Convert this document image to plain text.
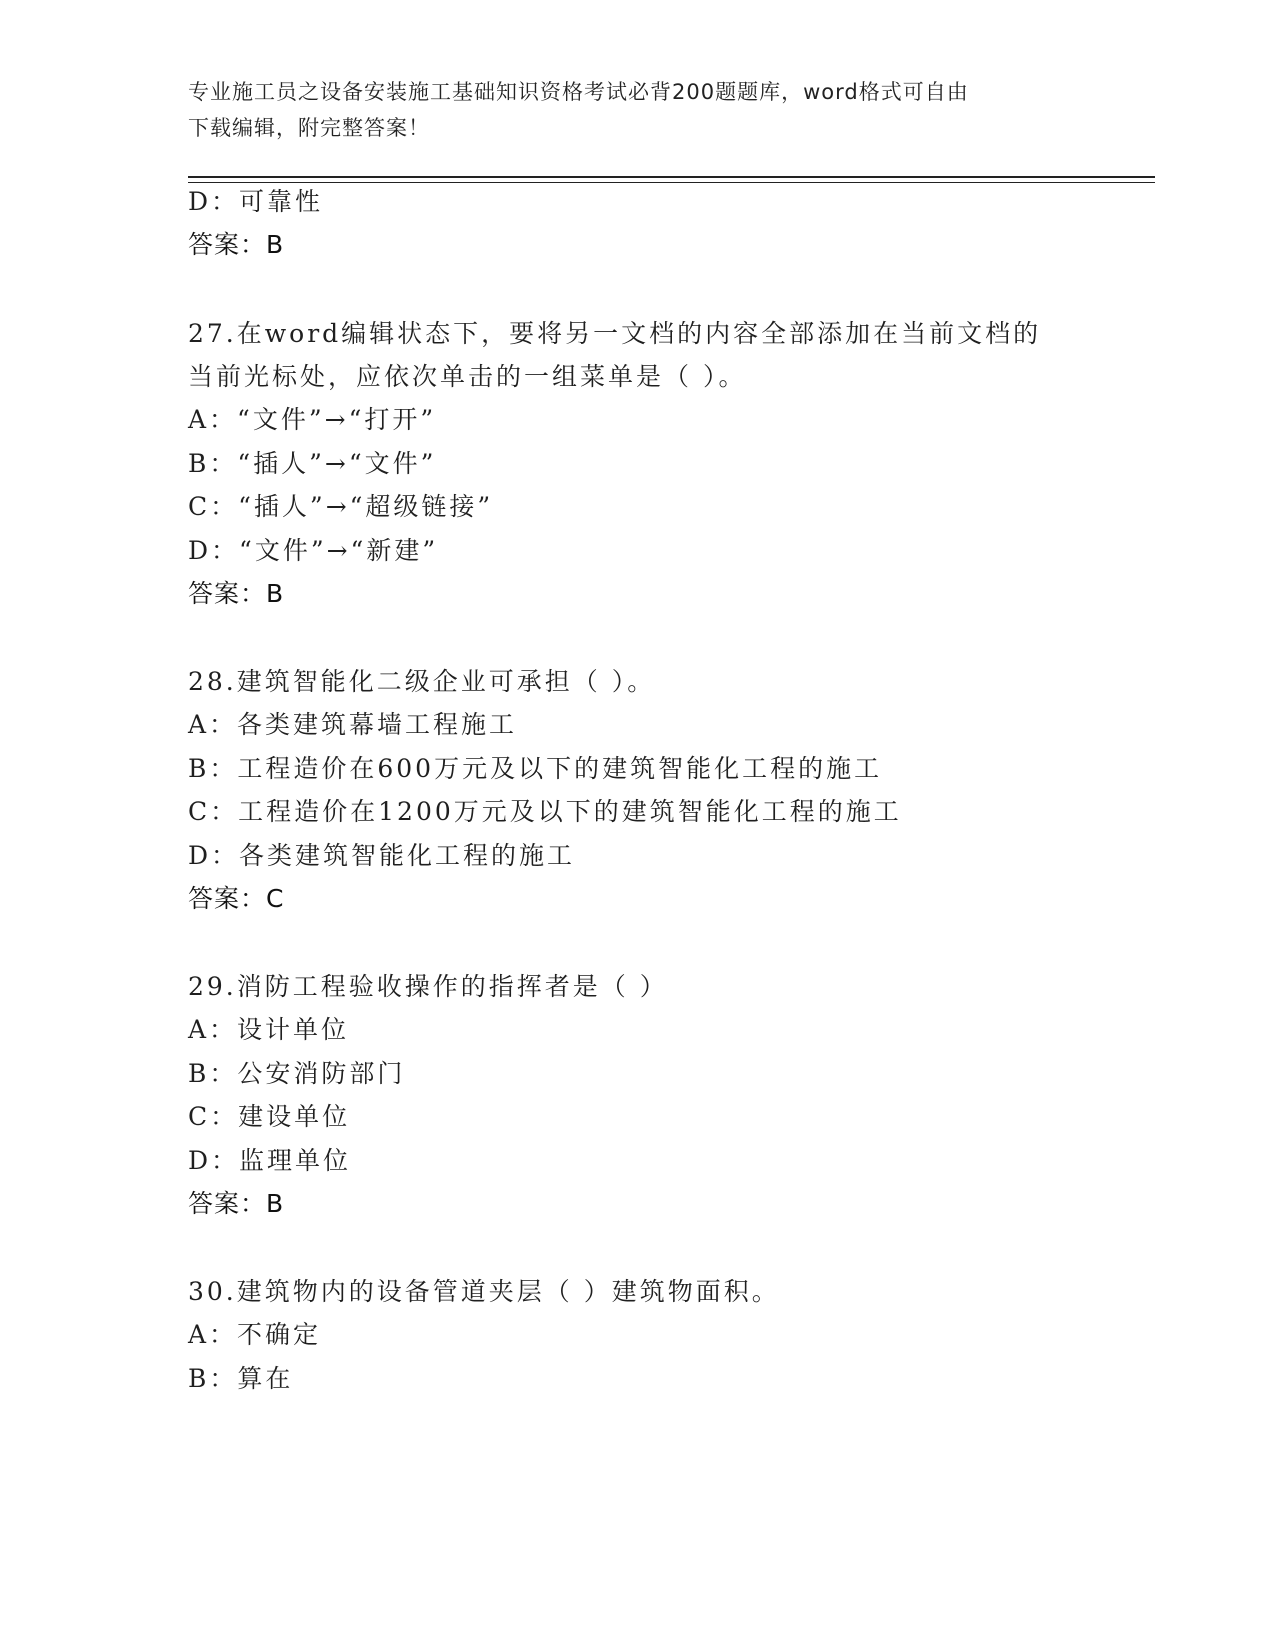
专业施工员之设备安装施工基础知识资格考试必背200题题库，word格式可自由
下载编辑，附完整答案！
D：可靠性
答案：B
27.在word编辑状态下，要将另一文档的内容全部添加在当前文档的
当前光标处，应依次单击的一组菜单是（ ）。
A：“文件”→“打开”
B：“插人”→“文件”
C：“插人”→“超级链接”
D：“文件”→“新建”
答案：B
28.建筑智能化二级企业可承担（ ）。
A：各类建筑幕墙工程施工
B：工程造价在600万元及以下的建筑智能化工程的施工
C：工程造价在1200万元及以下的建筑智能化工程的施工
D：各类建筑智能化工程的施工
答案：C
29.消防工程验收操作的指挥者是（ ）
A：设计单位
B：公安消防部门
C：建设单位
D：监理单位
答案：B
30.建筑物内的设备管道夹层（ ）建筑物面积。
A：不确定
B：算在
